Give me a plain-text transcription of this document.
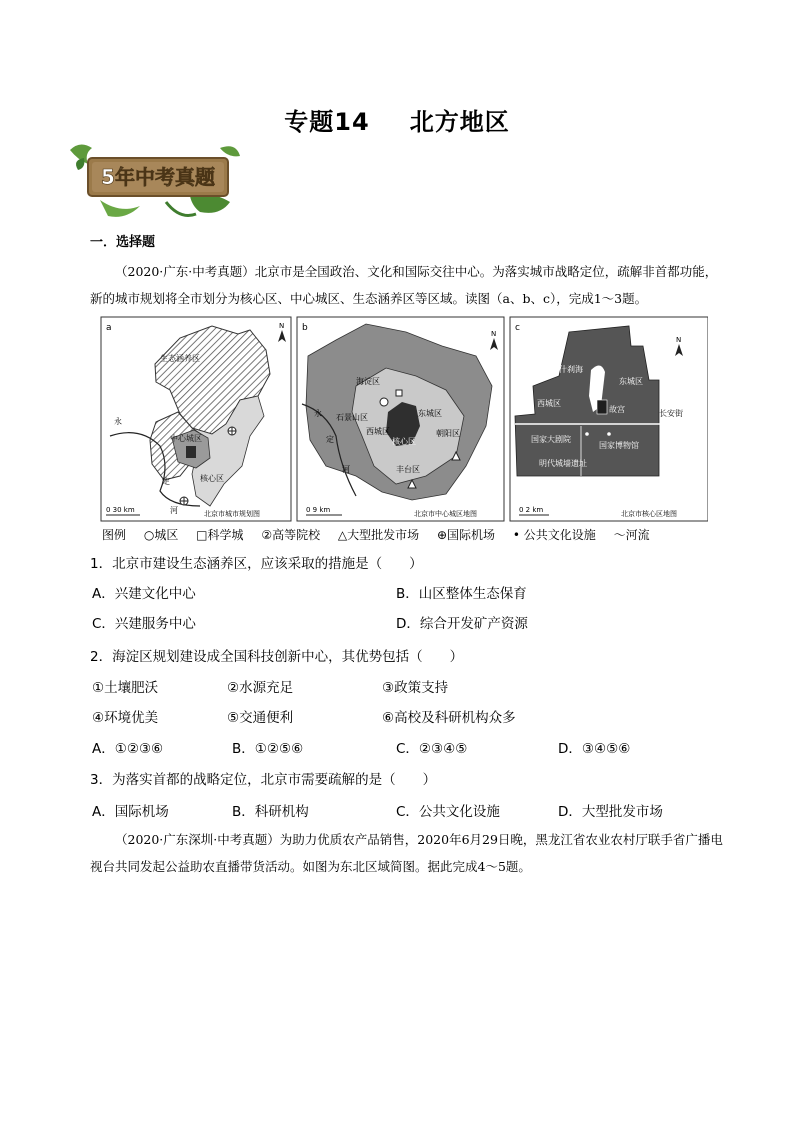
专题14 北方地区
5年中考真题
一．选择题
（2020·广东·中考真题）北京市是全国政治、文化和国际交往中心。为落实城市战略定位，疏解非首都功能，新的城市规划将全市划分为核心区、中心城区、生态涵养区等区域。读图（a、b、c），完成1～3题。
a
生态涵养区
中心城区
核心区
永
定
河
N
0 30 km	北京市城市规划图
b
海淀区
石景山区
西城区
东城区
核心区
朝阳区
丰台区
永
定
河
N
0 9 km	北京市中心城区地图
c
什刹海
东城区
西城区
故宫	长安街
国家大剧院
国家博物馆
明代城墙遗址
N
0 2 km	北京市核心区地图
图例 ○城区 □科学城 ②高等院校 △大型批发市场 ⊕国际机场 • 公共文化设施 〜河流
1．北京市建设生态涵养区，应该采取的措施是（　　）
A．兴建文化中心	B．山区整体生态保育
C．兴建服务中心	D．综合开发矿产资源
2．海淀区规划建设成全国科技创新中心，其优势包括（　　）
①土壤肥沃	②水源充足	③政策支持
④环境优美	⑤交通便利	⑥高校及科研机构众多
A．①②③⑥	B．①②⑤⑥	C．②③④⑤	D．③④⑤⑥
3．为落实首都的战略定位，北京市需要疏解的是（　　）
A．国际机场	B．科研机构	C．公共文化设施	D．大型批发市场
（2020·广东深圳·中考真题）为助力优质农产品销售，2020年6月29日晚，黑龙江省农业农村厅联手省广播电视台共同发起公益助农直播带货活动。如图为东北区域简图。据此完成4～5题。
